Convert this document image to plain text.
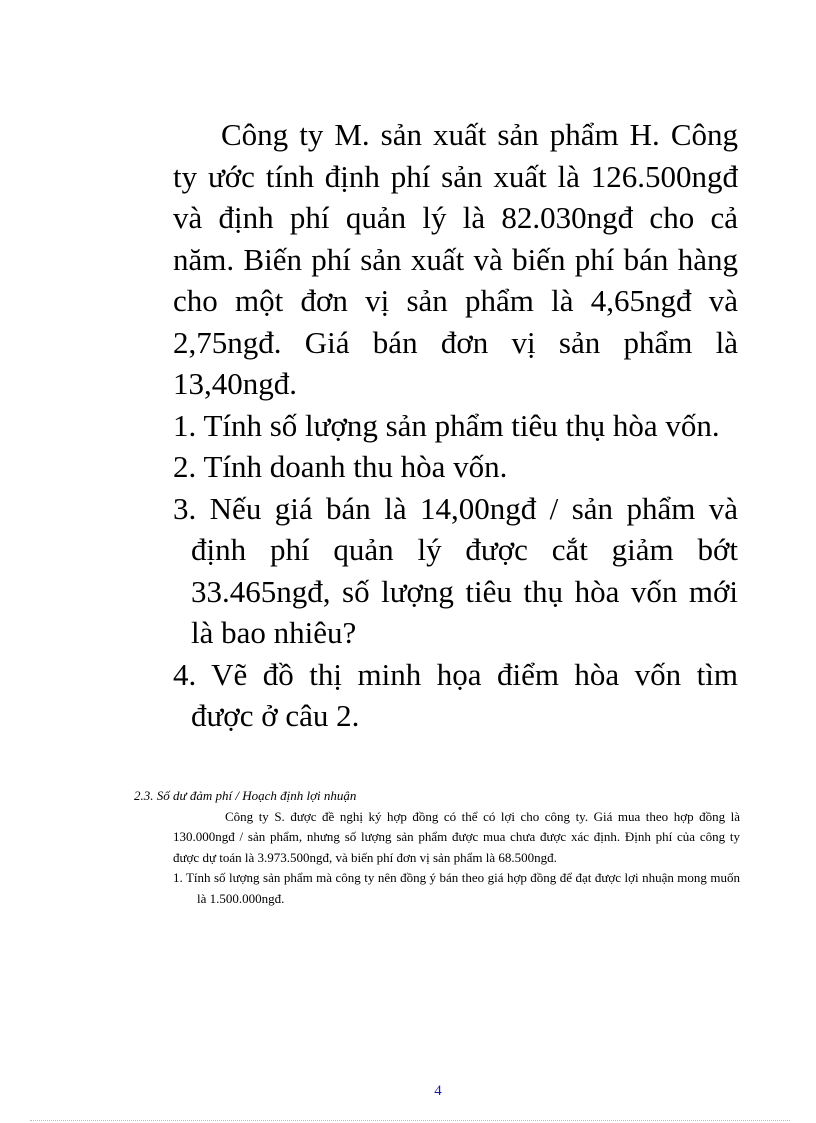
Công ty M. sản xuất sản phẩm H. Công ty ước tính định phí sản xuất là 126.500ngđ và định phí quản lý là 82.030ngđ cho cả năm. Biến phí sản xuất và biến phí bán hàng cho một đơn vị sản phẩm là 4,65ngđ và 2,75ngđ. Giá bán đơn vị sản phẩm là 13,40ngđ.

1. Tính số lượng sản phẩm tiêu thụ hòa vốn.

2. Tính doanh thu hòa vốn.

3. Nếu giá bán là 14,00ngđ / sản phẩm và định phí quản lý được cắt giảm bớt 33.465ngđ, số lượng tiêu thụ hòa vốn mới là bao nhiêu?

4. Vẽ đồ thị minh họa điểm hòa vốn tìm được ở câu 2.

2.3. Số dư đảm phí / Hoạch định lợi nhuận

Công ty S. được đề nghị ký hợp đồng có thể có lợi cho công ty. Giá mua theo hợp đồng là 130.000ngđ / sản phẩm, nhưng số lượng sản phẩm được mua chưa được xác định. Định phí của công ty được dự toán là 3.973.500ngđ, và biến phí đơn vị sản phẩm là 68.500ngđ.

1. Tính số lượng sản phẩm mà công ty nên đồng ý bán theo giá hợp đồng để đạt được lợi nhuận mong muốn là 1.500.000ngđ.

4
